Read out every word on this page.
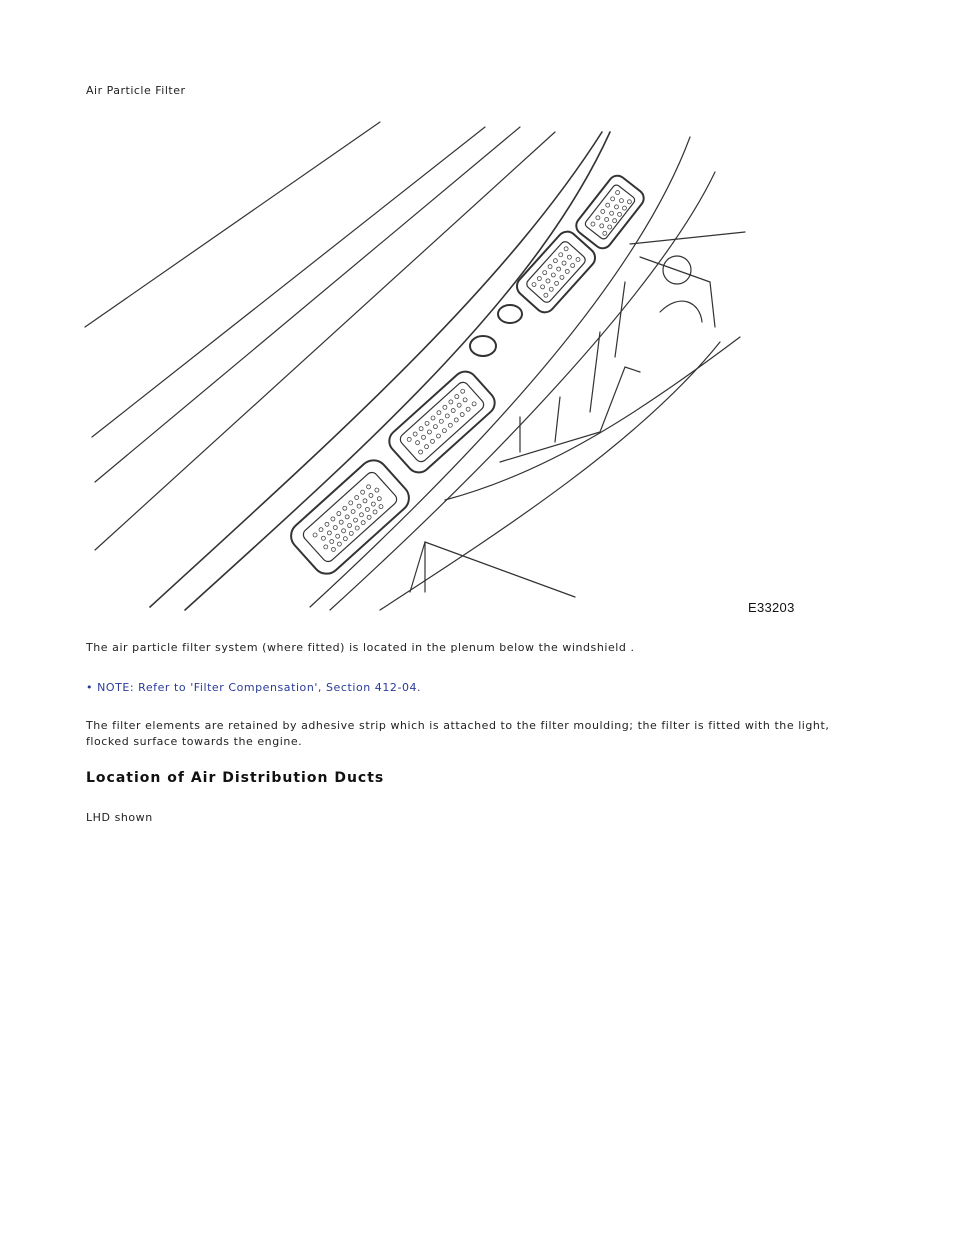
Air Particle Filter
E33203
The air particle filter system (where fitted) is located in the plenum below the windshield .
• NOTE: Refer to 'Filter Compensation', Section 412-04.
The filter elements are retained by adhesive strip which is attached to the filter moulding; the filter is fitted with the light, flocked surface towards the engine.
Location of Air Distribution Ducts
LHD shown
